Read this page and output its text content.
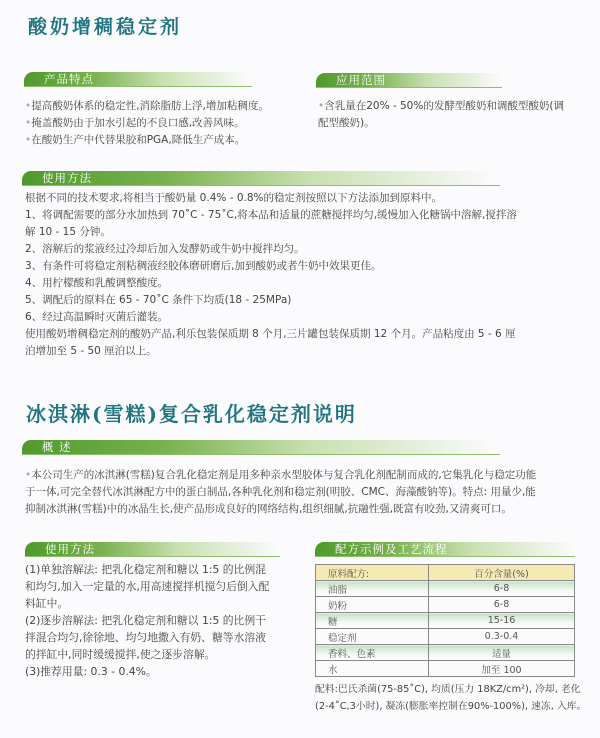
酸奶增稠稳定剂
产品特点

•提高酸奶体系的稳定性,消除脂肪上浮,增加粘稠度。

•掩盖酸奶由于加水引起的不良口感,改善风味。

•在酸奶生产中代替果胶和PGA,降低生产成本。

应用范围

•含乳量在20% - 50%的发酵型酸奶和调酸型酸奶(调

配型酸奶)。

使用方法

根据不同的技术要求,将相当于酸奶量 0.4% - 0.8%的稳定剂按照以下方法添加到原料中。

1、将调配需要的部分水加热到 70˚C - 75˚C,将本品和适量的蔗糖搅拌均匀,缓慢加入化糖锅中溶解,搅拌溶

解 10 - 15 分钟。

2、溶解后的浆液经过冷却后加入发酵奶或牛奶中搅拌均匀。

3、有条件可将稳定剂粘稠液经胶体磨研磨后,加到酸奶或者牛奶中效果更佳。

4、用柠檬酸和乳酸调整酸度。

5、调配后的原料在 65 - 70˚C 条件下均质(18 - 25MPa)

6、经过高温瞬时灭菌后灌装。

使用酸奶增稠稳定剂的酸奶产品,利乐包装保质期 8 个月,三片罐包装保质期 12 个月。产品粘度由 5 - 6 厘

泊增加至 5 - 50 厘泊以上。

冰淇淋(雪糕)复合乳化稳定剂说明
概 述

•本公司生产的冰淇淋(雪糕)复合乳化稳定剂是用多种亲水型胶体与复合乳化剂配制而成的,它集乳化与稳定功能

于一体,可完全替代冰淇淋配方中的蛋白制品,各种乳化剂和稳定剂(明胶、CMC、海藻酸钠等)。特点: 用量少,能

抑制冰淇淋(雪糕)中的冰晶生长,使产品形成良好的网络结构,组织细腻,抗融性强,既富有咬劲,又清爽可口。

使用方法

(1)单独溶解法: 把乳化稳定剂和糖以 1:5 的比例混

和均匀,加入一定量的水,用高速搅拌机搅匀后倒入配

料缸中。

(2)逐步溶解法: 把乳化稳定剂和糖以 1:5 的比例干

拌混合均匀,徐徐地、均匀地撒入有奶、糖等水溶液

的拌缸中,同时缓缓搅拌,使之逐步溶解。

(3)推荐用量: 0.3 - 0.4%。

配方示例及工艺流程
原料配方:	百分含量(%)
油脂	6-8
奶粉	6-8
糖	15-16
稳定剂	0.3-0.4
香料、色素	适量
水	加至 100

配料:巴氏杀菌(75-85˚C), 均质(压力 18KZ/cm²), 冷却, 老化

(2-4˚C,3小时), 凝冻(膨胀率控制在90%-100%), 速冻, 入库。
